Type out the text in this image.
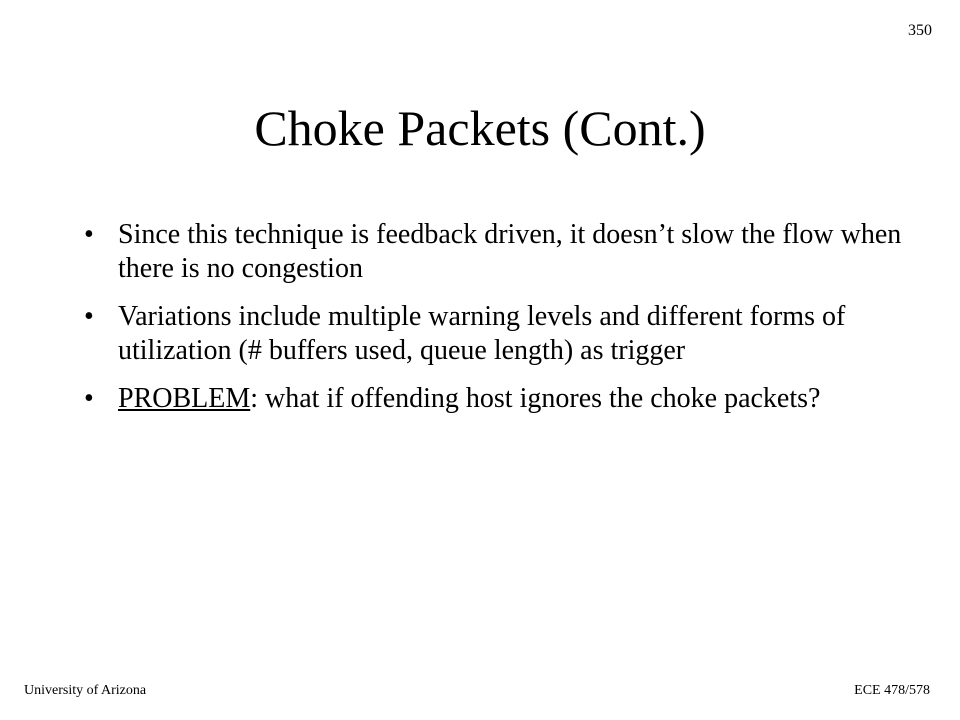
350
Choke Packets (Cont.)
• Since this technique is feedback driven, it doesn’t slow the flow when there is no congestion
• Variations include multiple warning levels and different forms of utilization (# buffers used, queue length) as trigger
• PROBLEM: what if offending host ignores the choke packets?
University of Arizona	ECE 478/578
